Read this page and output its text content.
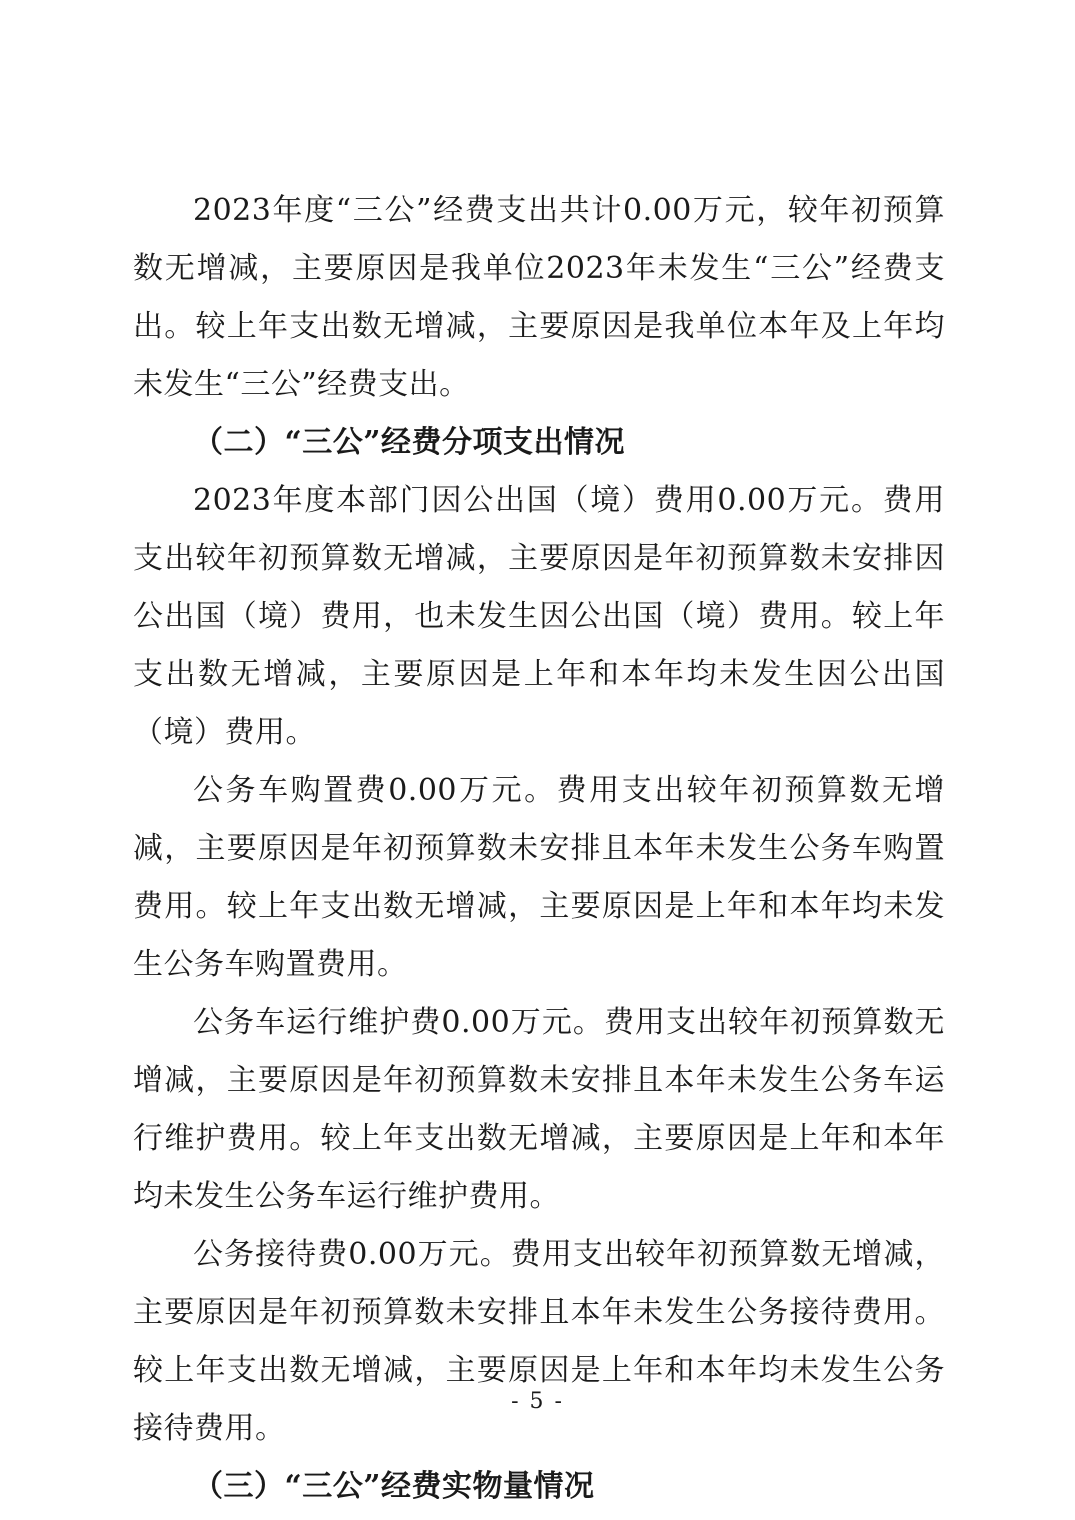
2023年度“三公”经费支出共计0.00万元，较年初预算数无增减，主要原因是我单位2023年未发生“三公”经费支出。较上年支出数无增减，主要原因是我单位本年及上年均未发生“三公”经费支出。

（二）“三公”经费分项支出情况

2023年度本部门因公出国（境）费用0.00万元。费用支出较年初预算数无增减，主要原因是年初预算数未安排因公出国（境）费用，也未发生因公出国（境）费用。较上年支出数无增减，主要原因是上年和本年均未发生因公出国（境）费用。

公务车购置费0.00万元。费用支出较年初预算数无增减，主要原因是年初预算数未安排且本年未发生公务车购置费用。较上年支出数无增减，主要原因是上年和本年均未发生公务车购置费用。

公务车运行维护费0.00万元。费用支出较年初预算数无增减，主要原因是年初预算数未安排且本年未发生公务车运行维护费用。较上年支出数无增减，主要原因是上年和本年均未发生公务车运行维护费用。

公务接待费0.00万元。费用支出较年初预算数无增减，主要原因是年初预算数未安排且本年未发生公务接待费用。较上年支出数无增减，主要原因是上年和本年均未发生公务接待费用。

（三）“三公”经费实物量情况

- 5 -
